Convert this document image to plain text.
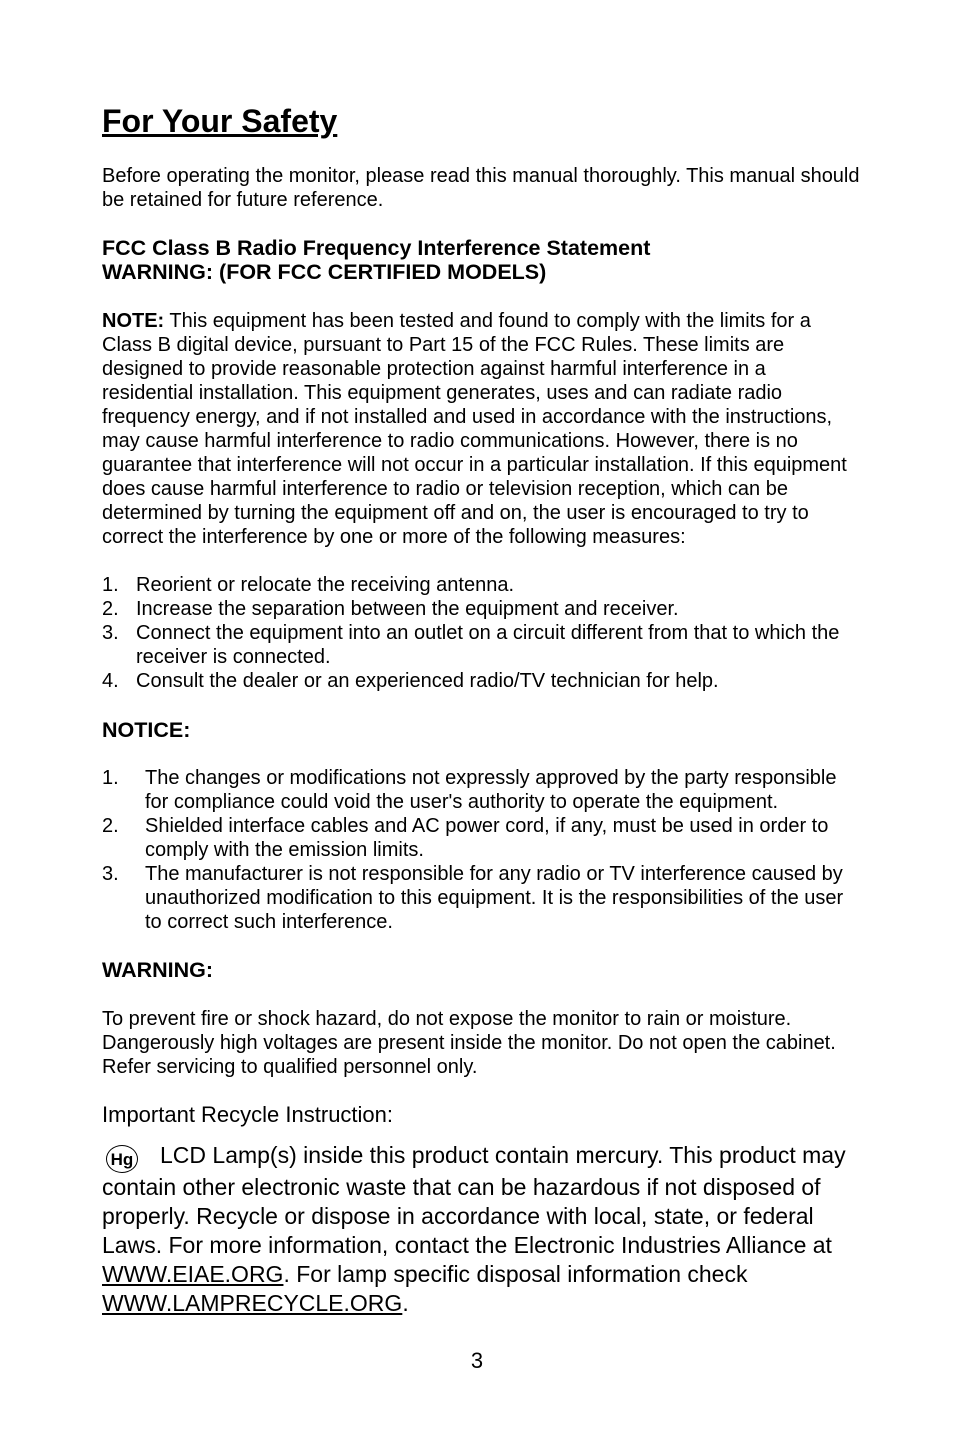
For Your Safety
Before operating the monitor, please read this manual thoroughly. This manual should be retained for future reference.
FCC Class B Radio Frequency Interference Statement
WARNING: (FOR FCC CERTIFIED MODELS)
NOTE: This equipment has been tested and found to comply with the limits for a Class B digital device, pursuant to Part 15 of the FCC Rules. These limits are designed to provide reasonable protection against harmful interference in a residential installation. This equipment generates, uses and can radiate radio frequency energy, and if not installed and used in accordance with the instructions, may cause harmful interference to radio communications. However, there is no guarantee that interference will not occur in a particular installation. If this equipment does cause harmful interference to radio or television reception, which can be determined by turning the equipment off and on, the user is encouraged to try to correct the interference by one or more of the following measures:
1. Reorient or relocate the receiving antenna.
2. Increase the separation between the equipment and receiver.
3. Connect the equipment into an outlet on a circuit different from that to which the receiver is connected.
4. Consult the dealer or an experienced radio/TV technician for help.
NOTICE:
1. The changes or modifications not expressly approved by the party responsible for compliance could void the user's authority to operate the equipment.
2. Shielded interface cables and AC power cord, if any, must be used in order to comply with the emission limits.
3. The manufacturer is not responsible for any radio or TV interference caused by unauthorized modification to this equipment. It is the responsibilities of the user to correct such interference.
WARNING:
To prevent fire or shock hazard, do not expose the monitor to rain or moisture. Dangerously high voltages are present inside the monitor. Do not open the cabinet. Refer servicing to qualified personnel only.
Important Recycle Instruction:
Hg LCD Lamp(s) inside this product contain mercury. This product may contain other electronic waste that can be hazardous if not disposed of properly. Recycle or dispose in accordance with local, state, or federal Laws. For more information, contact the Electronic Industries Alliance at WWW.EIAE.ORG. For lamp specific disposal information check WWW.LAMPRECYCLE.ORG.
3
